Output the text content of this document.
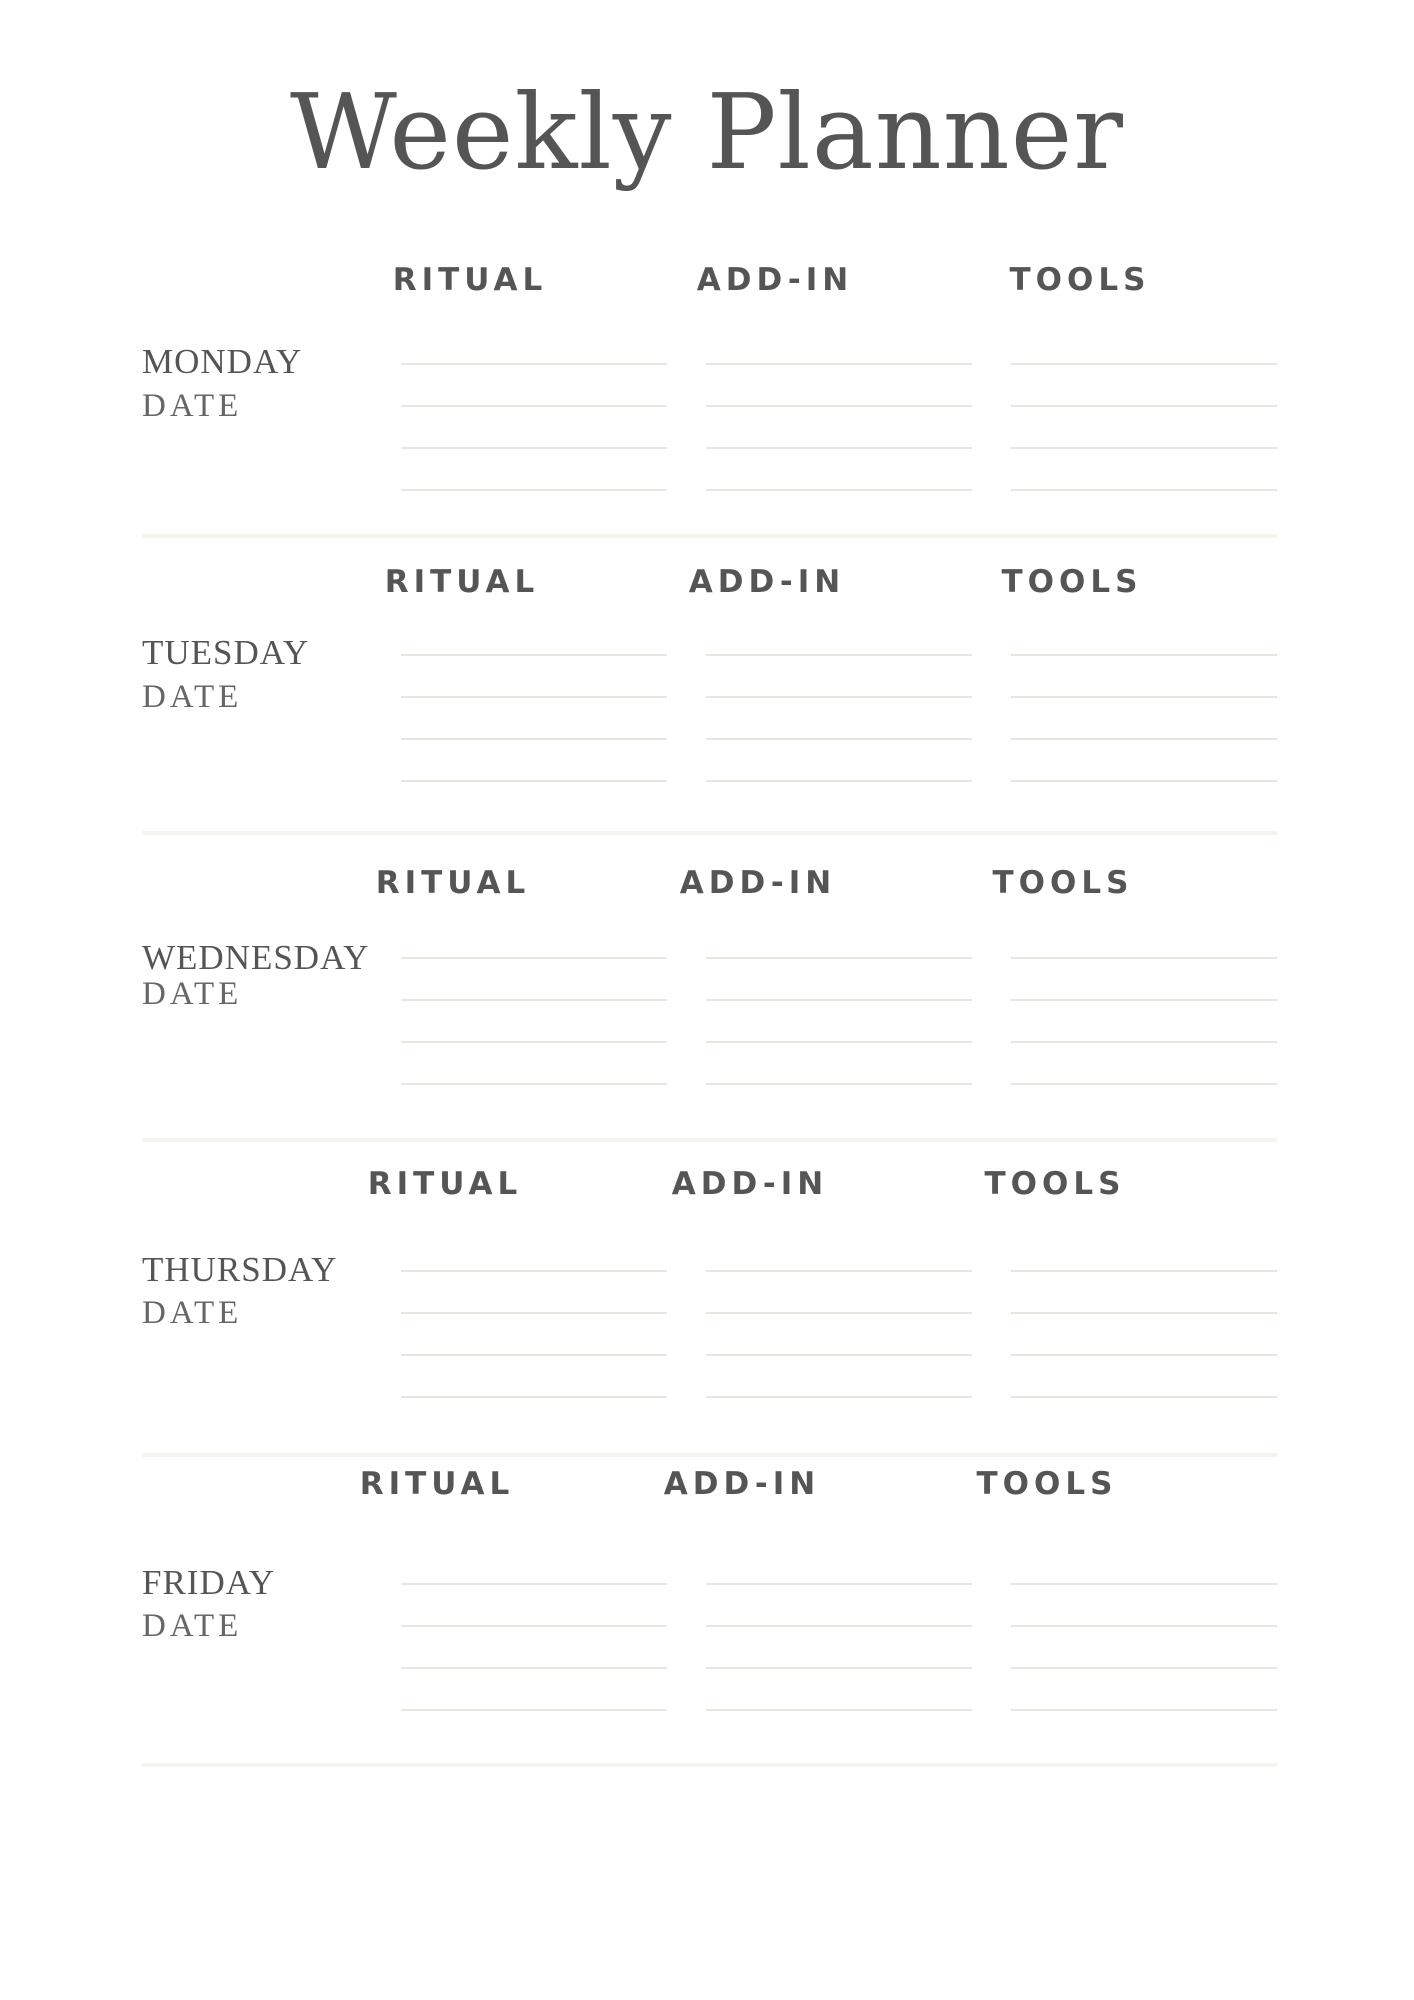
Weekly Planner
RITUAL	ADD-IN	TOOLS
MONDAY
DATE
RITUAL	ADD-IN	TOOLS
TUESDAY
DATE
RITUAL	ADD-IN	TOOLS
WEDNESDAY
DATE
RITUAL	ADD-IN	TOOLS
THURSDAY
DATE
RITUAL	ADD-IN	TOOLS
FRIDAY
DATE
